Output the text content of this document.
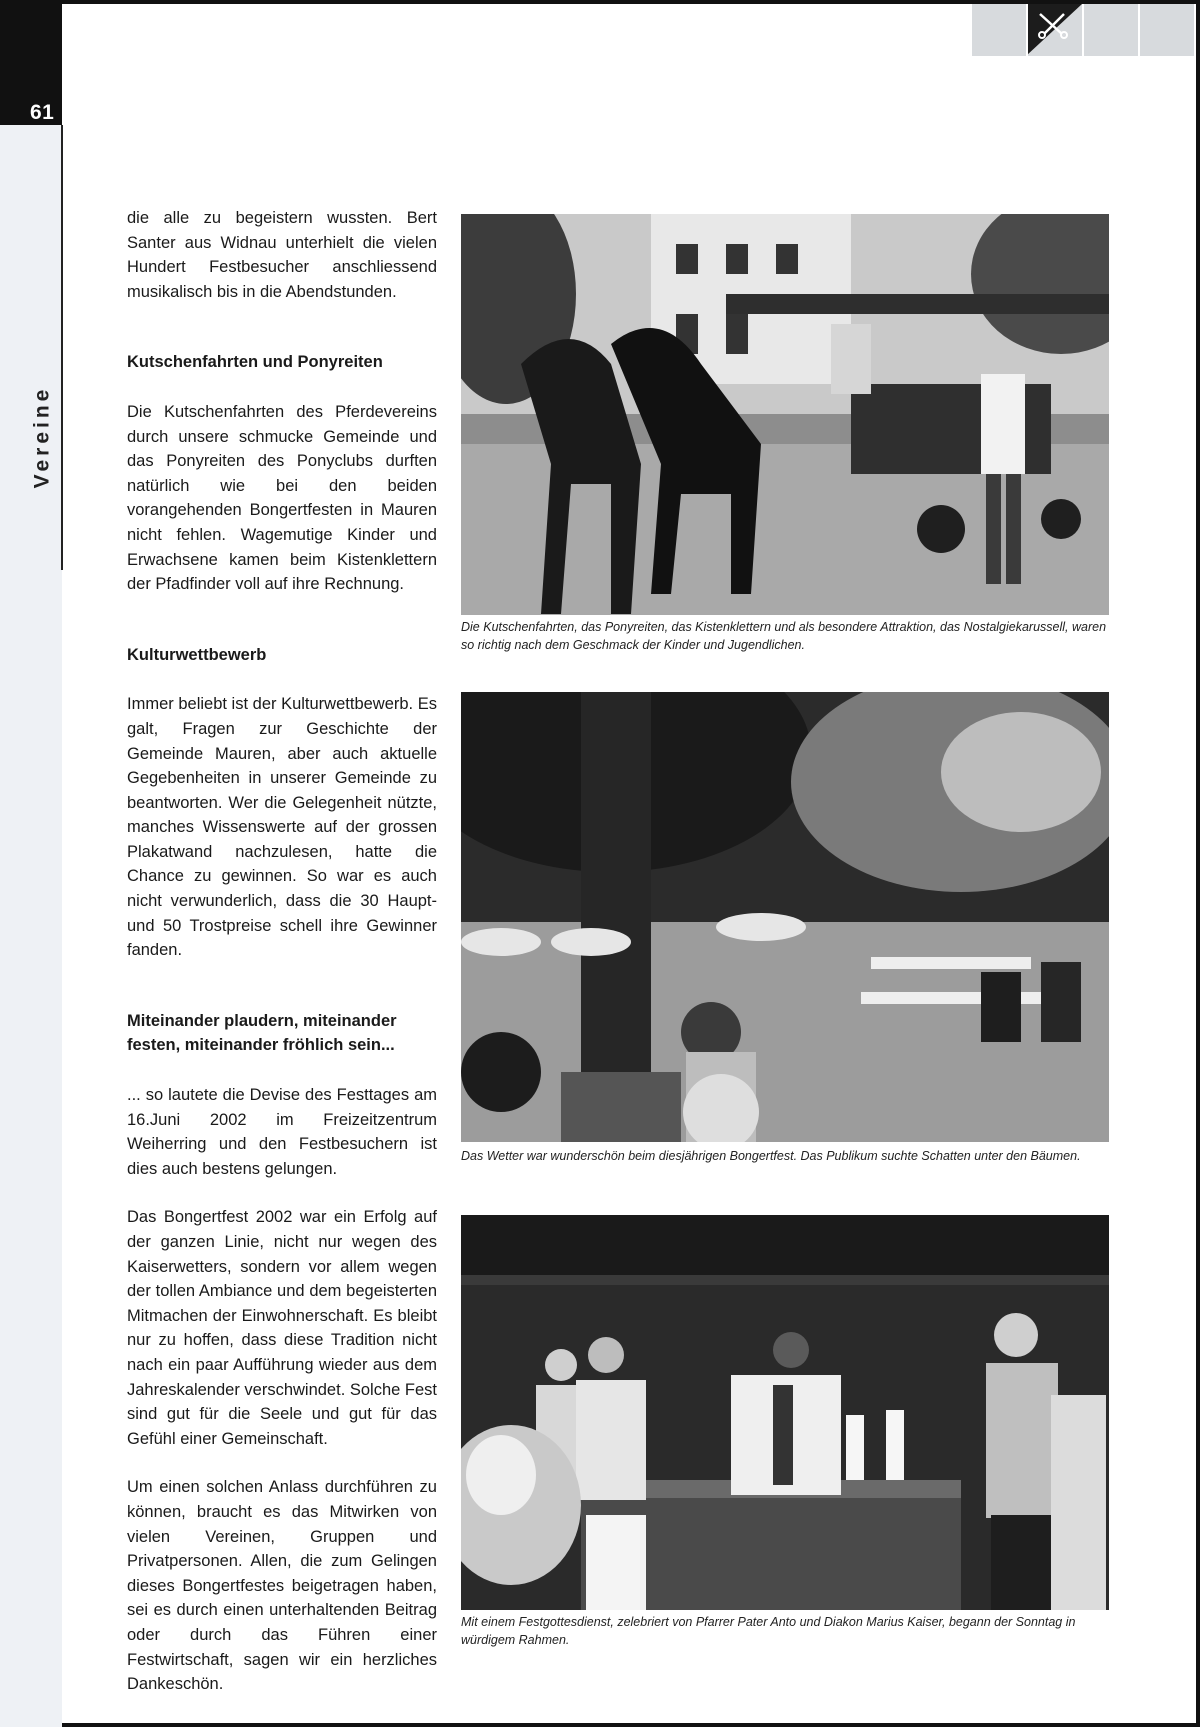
61
Vereine

die alle zu begeistern wussten. Bert Santer aus Widnau unterhielt die vielen Hundert Festbesucher anschliessend musikalisch bis in die Abendstunden.

Kutschenfahrten und Ponyreiten

Die Kutschenfahrten des Pferdevereins durch unsere schmucke Gemeinde und das Ponyreiten des Ponyclubs durften natürlich wie bei den beiden vorangehenden Bongertfesten in Mauren nicht fehlen. Wagemutige Kinder und Erwachsene kamen beim Kistenklettern der Pfadfinder voll auf ihre Rechnung.

Kulturwettbewerb

Immer beliebt ist der Kulturwettbewerb. Es galt, Fragen zur Geschichte der Gemeinde Mauren, aber auch aktuelle Gegebenheiten in unserer Gemeinde zu beantworten. Wer die Gelegenheit nützte, manches Wissenswerte auf der grossen Plakatwand nachzulesen, hatte die Chance zu gewinnen. So war es auch nicht verwunderlich, dass die 30 Haupt- und 50 Trostpreise schell ihre Gewinner fanden.

Miteinander plaudern, miteinander festen, miteinander fröhlich sein...

... so lautete die Devise des Festtages am 16.Juni 2002 im Freizeitzentrum Weiherring und den Festbesuchern ist dies auch bestens gelungen.

Das Bongertfest 2002 war ein Erfolg auf der ganzen Linie, nicht nur wegen des Kaiserwetters, sondern vor allem wegen der tollen Ambiance und dem begeisterten Mitmachen der Einwohnerschaft. Es bleibt nur zu hoffen, dass diese Tradition nicht nach ein paar Aufführung wieder aus dem Jahreskalender verschwindet. Solche Fest sind gut für die Seele und gut für das Gefühl einer Gemeinschaft.

Um einen solchen Anlass durchführen zu können, braucht es das Mitwirken von vielen Vereinen, Gruppen und Privatpersonen. Allen, die zum Gelingen dieses Bongertfestes beigetragen haben, sei es durch einen unterhaltenden Beitrag oder durch das Führen einer Festwirtschaft, sagen wir ein herzliches Dankeschön.

Die Kutschenfahrten, das Ponyreiten, das Kistenklettern und als besondere Attraktion, das Nostalgiekarussell, waren so richtig nach dem Geschmack der Kinder und Jugendlichen.

Das Wetter war wunderschön beim diesjährigen Bongertfest. Das Publikum suchte Schatten unter den Bäumen.

Mit einem Festgottesdienst, zelebriert von Pfarrer Pater Anto und Diakon Marius Kaiser, begann der Sonntag in würdigem Rahmen.
